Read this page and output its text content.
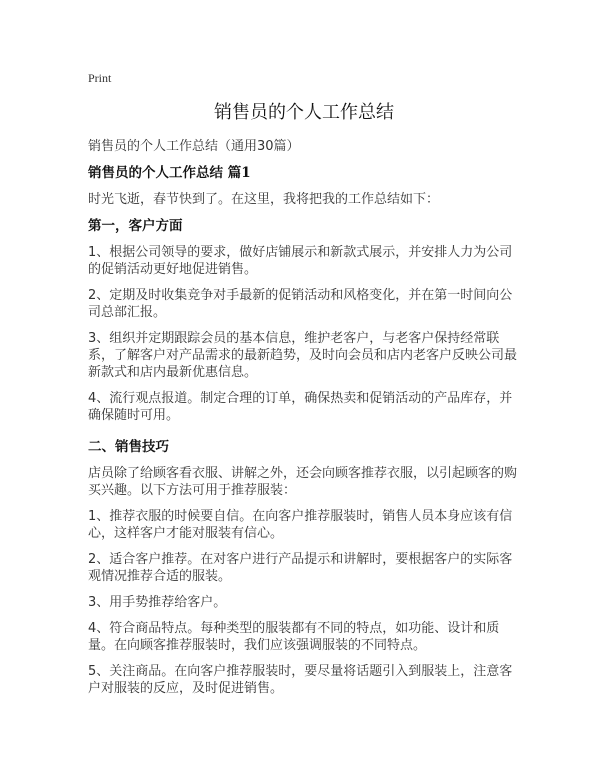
Print
销售员的个人工作总结

销售员的个人工作总结（通用30篇）

销售员的个人工作总结 篇1

时光飞逝，春节快到了。在这里，我将把我的工作总结如下：

第一，客户方面

1、根据公司领导的要求，做好店铺展示和新款式展示，并安排人力为公司的促销活动更好地促进销售。

2、定期及时收集竞争对手最新的促销活动和风格变化，并在第一时间向公司总部汇报。

3、组织并定期跟踪会员的基本信息，维护老客户，与老客户保持经常联系，了解客户对产品需求的最新趋势，及时向会员和店内老客户反映公司最新款式和店内最新优惠信息。

4、流行观点报道。制定合理的订单，确保热卖和促销活动的产品库存，并确保随时可用。

二、销售技巧

店员除了给顾客看衣服、讲解之外，还会向顾客推荐衣服，以引起顾客的购买兴趣。以下方法可用于推荐服装：

1、推荐衣服的时候要自信。在向客户推荐服装时，销售人员本身应该有信心，这样客户才能对服装有信心。

2、适合客户推荐。在对客户进行产品提示和讲解时，要根据客户的实际客观情况推荐合适的服装。

3、用手势推荐给客户。

4、符合商品特点。每种类型的服装都有不同的特点，如功能、设计和质量。在向顾客推荐服装时，我们应该强调服装的不同特点。

5、关注商品。在向客户推荐服装时，要尽量将话题引入到服装上，注意客户对服装的反应，及时促进销售。
